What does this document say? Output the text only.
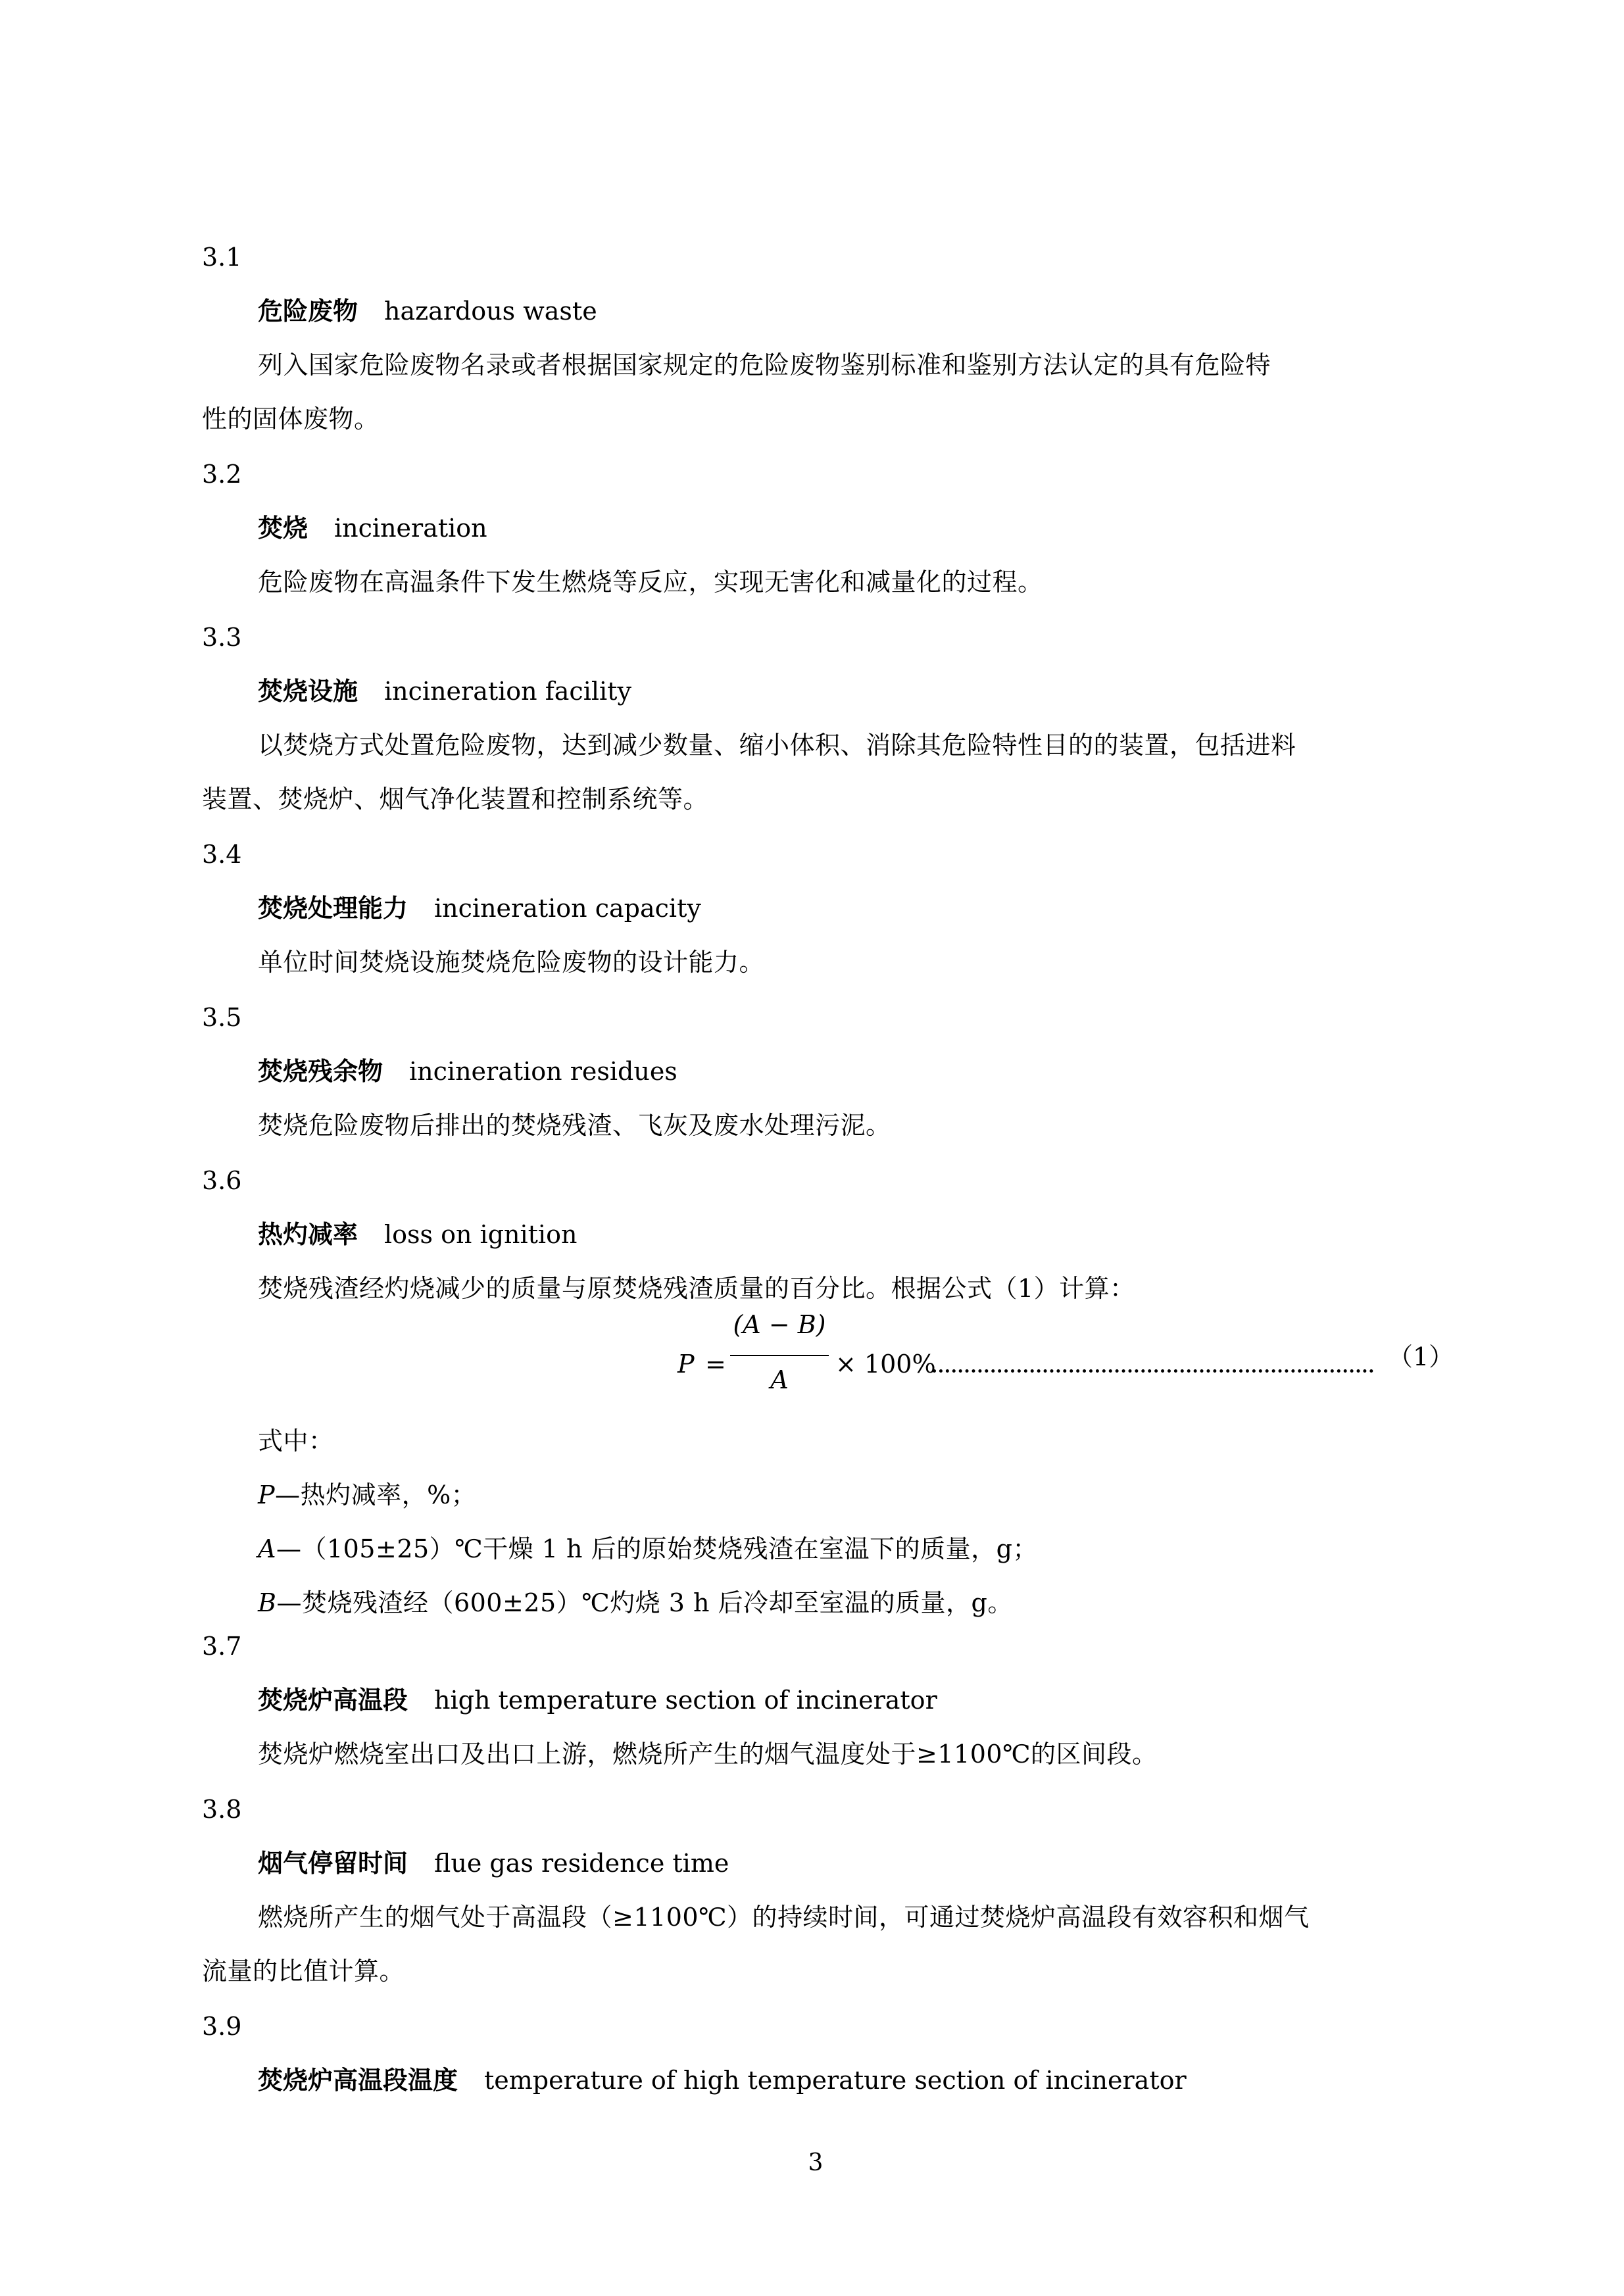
3.1
危险废物 hazardous waste
列入国家危险废物名录或者根据国家规定的危险废物鉴别标准和鉴别方法认定的具有危险特
性的固体废物。
3.2
焚烧 incineration
危险废物在高温条件下发生燃烧等反应，实现无害化和减量化的过程。
3.3
焚烧设施 incineration facility
以焚烧方式处置危险废物，达到减少数量、缩小体积、消除其危险特性目的的装置，包括进料
装置、焚烧炉、烟气净化装置和控制系统等。
3.4
焚烧处理能力 incineration capacity
单位时间焚烧设施焚烧危险废物的设计能力。
3.5
焚烧残余物 incineration residues
焚烧危险废物后排出的焚烧残渣、飞灰及废水处理污泥。
3.6
热灼减率 loss on ignition
焚烧残渣经灼烧减少的质量与原焚烧残渣质量的百分比。根据公式（1）计算：
P =
(A − B)
A
× 100%	（1）
式中：
P—热灼减率，%；
A—（105±25）℃干燥 1 h 后的原始焚烧残渣在室温下的质量，g；
B—焚烧残渣经（600±25）℃灼烧 3 h 后冷却至室温的质量，g。
3.7
焚烧炉高温段 high temperature section of incinerator
焚烧炉燃烧室出口及出口上游，燃烧所产生的烟气温度处于≥1100℃的区间段。
3.8
烟气停留时间 flue gas residence time
燃烧所产生的烟气处于高温段（≥1100℃）的持续时间，可通过焚烧炉高温段有效容积和烟气
流量的比值计算。
3.9
焚烧炉高温段温度 temperature of high temperature section of incinerator
3
